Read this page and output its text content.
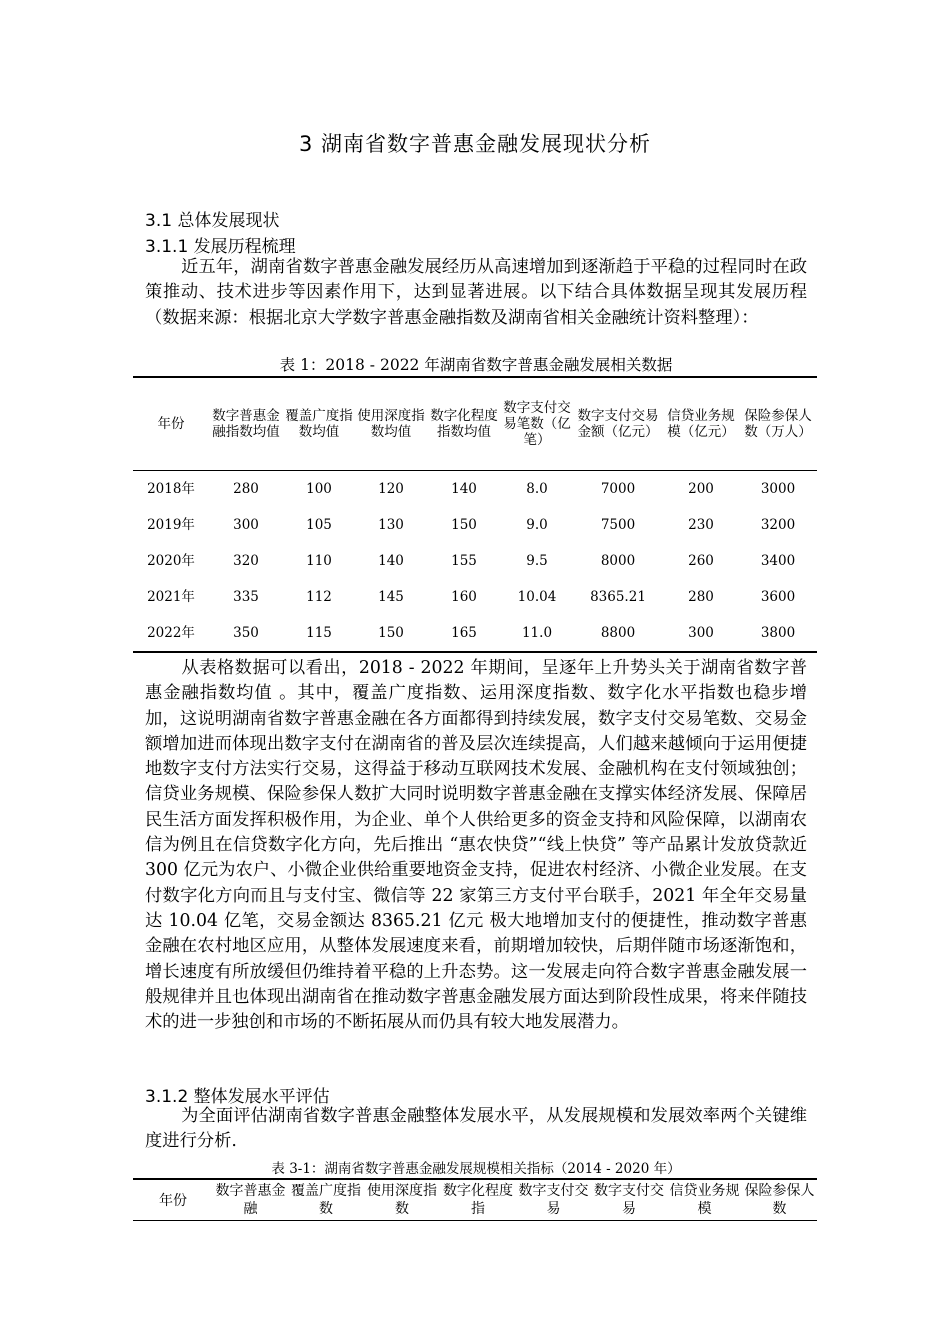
3 湖南省数字普惠金融发展现状分析
3.1 总体发展现状
3.1.1 发展历程梳理
近五年，湖南省数字普惠金融发展经历从高速增加到逐渐趋于平稳的过程同时在政策推动、技术进步等因素作用下，达到显著进展。以下结合具体数据呈现其发展历程（数据来源：根据北京大学数字普惠金融指数及湖南省相关金融统计资料整理）：
表 1：2018 - 2022 年湖南省数字普惠金融发展相关数据
年份	数字普惠金融指数均值	覆盖广度指数均值	使用深度指数均值	数字化程度指数均值	数字支付交易笔数（亿笔）	数字支付交易金额（亿元）	信贷业务规模（亿元）	保险参保人数（万人）
2018年	280	100	120	140	8.0	7000	200	3000
2019年	300	105	130	150	9.0	7500	230	3200
2020年	320	110	140	155	9.5	8000	260	3400
2021年	335	112	145	160	10.04	8365.21	280	3600
2022年	350	115	150	165	11.0	8800	300	3800
从表格数据可以看出，2018 - 2022 年期间，呈逐年上升势头关于湖南省数字普惠金融指数均值 。其中，覆盖广度指数、运用深度指数、数字化水平指数也稳步增加，这说明湖南省数字普惠金融在各方面都得到持续发展，数字支付交易笔数、交易金额增加进而体现出数字支付在湖南省的普及层次连续提高，人们越来越倾向于运用便捷地数字支付方法实行交易，这得益于移动互联网技术发展、金融机构在支付领域独创；信贷业务规模、保险参保人数扩大同时说明数字普惠金融在支撑实体经济发展、保障居民生活方面发挥积极作用，为企业、单个人供给更多的资金支持和风险保障，以湖南农信为例且在信贷数字化方向，先后推出 “惠农快贷”“线上快贷” 等产品累计发放贷款近 300 亿元为农户、小微企业供给重要地资金支持，促进农村经济、小微企业发展。在支付数字化方向而且与支付宝、微信等 22 家第三方支付平台联手，2021 年全年交易量达 10.04 亿笔，交易金额达 8365.21 亿元 极大地增加支付的便捷性，推动数字普惠金融在农村地区应用，从整体发展速度来看，前期增加较快，后期伴随市场逐渐饱和，增长速度有所放缓但仍维持着平稳的上升态势。这一发展走向符合数字普惠金融发展一般规律并且也体现出湖南省在推动数字普惠金融发展方面达到阶段性成果，将来伴随技术的进一步独创和市场的不断拓展从而仍具有较大地发展潜力。
3.1.2 整体发展水平评估
为全面评估湖南省数字普惠金融整体发展水平，从发展规模和发展效率两个关键维度进行分析.
表 3-1：湖南省数字普惠金融发展规模相关指标（2014 - 2020 年）
年份	数字普惠金融	覆盖广度指数	使用深度指数	数字化程度指	数字支付交易	数字支付交易	信贷业务规模	保险参保人数
